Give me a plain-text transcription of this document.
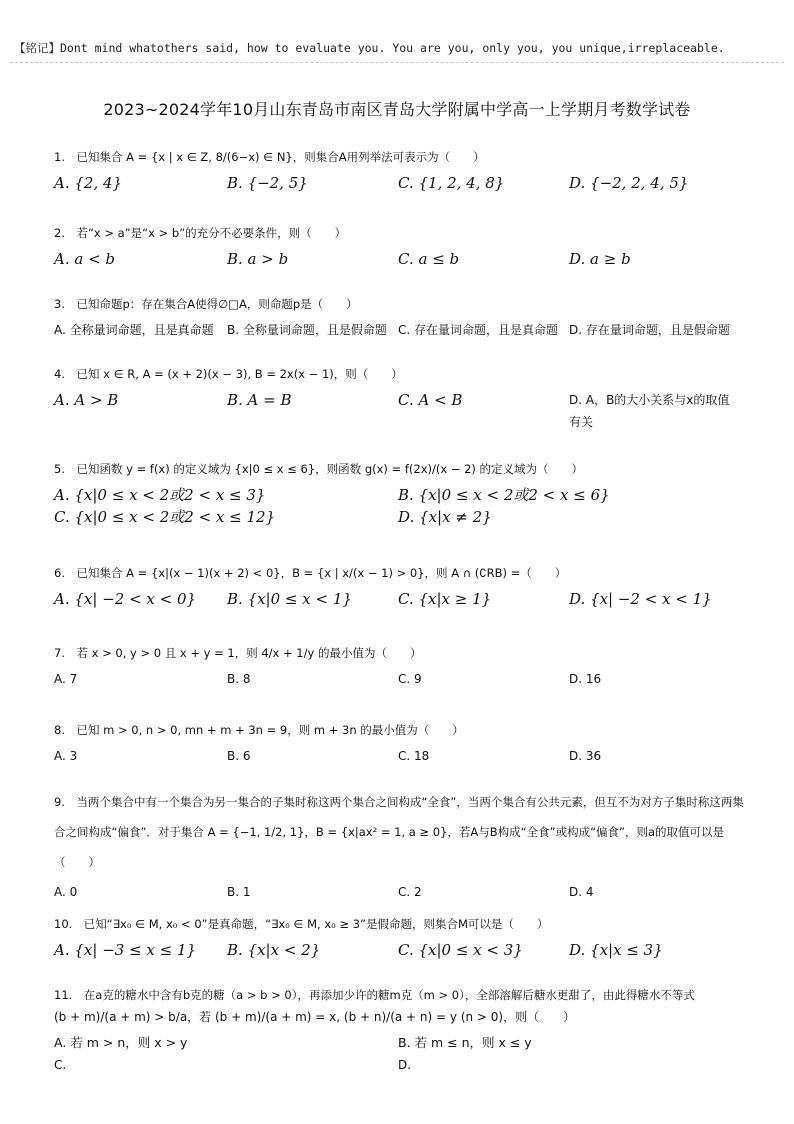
【铭记】Dont mind whatothers said, how to evaluate you. You are you, only you, you unique,irreplaceable.
2023~2024学年10月山东青岛市南区青岛大学附属中学高一上学期月考数学试卷
1.　已知集合 A = {x | x ∈ Z, 8/(6−x) ∈ N}，则集合A用列举法可表示为（　　）
A. {2, 4}	B. {−2, 5}	C. {1, 2, 4, 8}	D. {−2, 2, 4, 5}
2.　若“x > a”是“x > b”的充分不必要条件，则（　　）
A. a < b	B. a > b	C. a ≤ b	D. a ≥ b
3.　已知命题p：存在集合A使得∅□A，则命题p是（　　）
A. 全称量词命题，且是真命题 B. 全称量词命题，且是假命题 C. 存在量词命题，且是真命题 D. 存在量词命题，且是假命题
4.　已知 x ∈ R, A = (x + 2)(x − 3), B = 2x(x − 1)，则（　　）
A. A > B	B. A = B	C. A < B	D. A，B的大小关系与x的取值有关
5.　已知函数 y = f(x) 的定义域为 {x|0 ≤ x ≤ 6}，则函数 g(x) = f(2x)/(x − 2) 的定义域为（　　）
A. {x|0 ≤ x < 2或2 < x ≤ 3}	B. {x|0 ≤ x < 2或2 < x ≤ 6}
C. {x|0 ≤ x < 2或2 < x ≤ 12}	D. {x|x ≠ 2}
6.　已知集合 A = {x|(x − 1)(x + 2) < 0}，B = {x | x/(x − 1) > 0}，则 A ∩ (∁RB) =（　　）
A. {x| −2 < x < 0} B. {x|0 ≤ x < 1}	C. {x|x ≥ 1}	D. {x| −2 < x < 1}
7.　若 x > 0, y > 0 且 x + y = 1，则 4/x + 1/y 的最小值为（　　）
A. 7	B. 8	C. 9	D. 16
8.　已知 m > 0, n > 0, mn + m + 3n = 9，则 m + 3n 的最小值为（　　）
A. 3	B. 6	C. 18	D. 36
9.　当两个集合中有一个集合为另一集合的子集时称这两个集合之间构成“全食”，当两个集合有公共元素，但互不为对方子集时称这两集合之间构成“偏食”．对于集合 A = {−1, 1/2, 1}，B = {x|ax² = 1, a ≥ 0}，若A与B构成“全食”或构成“偏食”，则a的取值可以是（　　）
A. 0	B. 1	C. 2	D. 4
10.　已知“∃x₀ ∈ M, x₀ < 0”是真命题，“∃x₀ ∈ M, x₀ ≥ 3”是假命题，则集合M可以是（　　）
A. {x| −3 ≤ x ≤ 1} B. {x|x < 2}	C. {x|0 ≤ x < 3}	D. {x|x ≤ 3}
11.　在a克的糖水中含有b克的糖（a > b > 0），再添加少许的糖m克（m > 0），全部溶解后糖水更甜了，由此得糖水不等式
(b + m)/(a + m) > b/a，若 (b + m)/(a + m) = x, (b + n)/(a + n) = y (n > 0)，则（　　）
A. 若 m > n，则 x > y	B. 若 m ≤ n，则 x ≤ y
C.	D.
